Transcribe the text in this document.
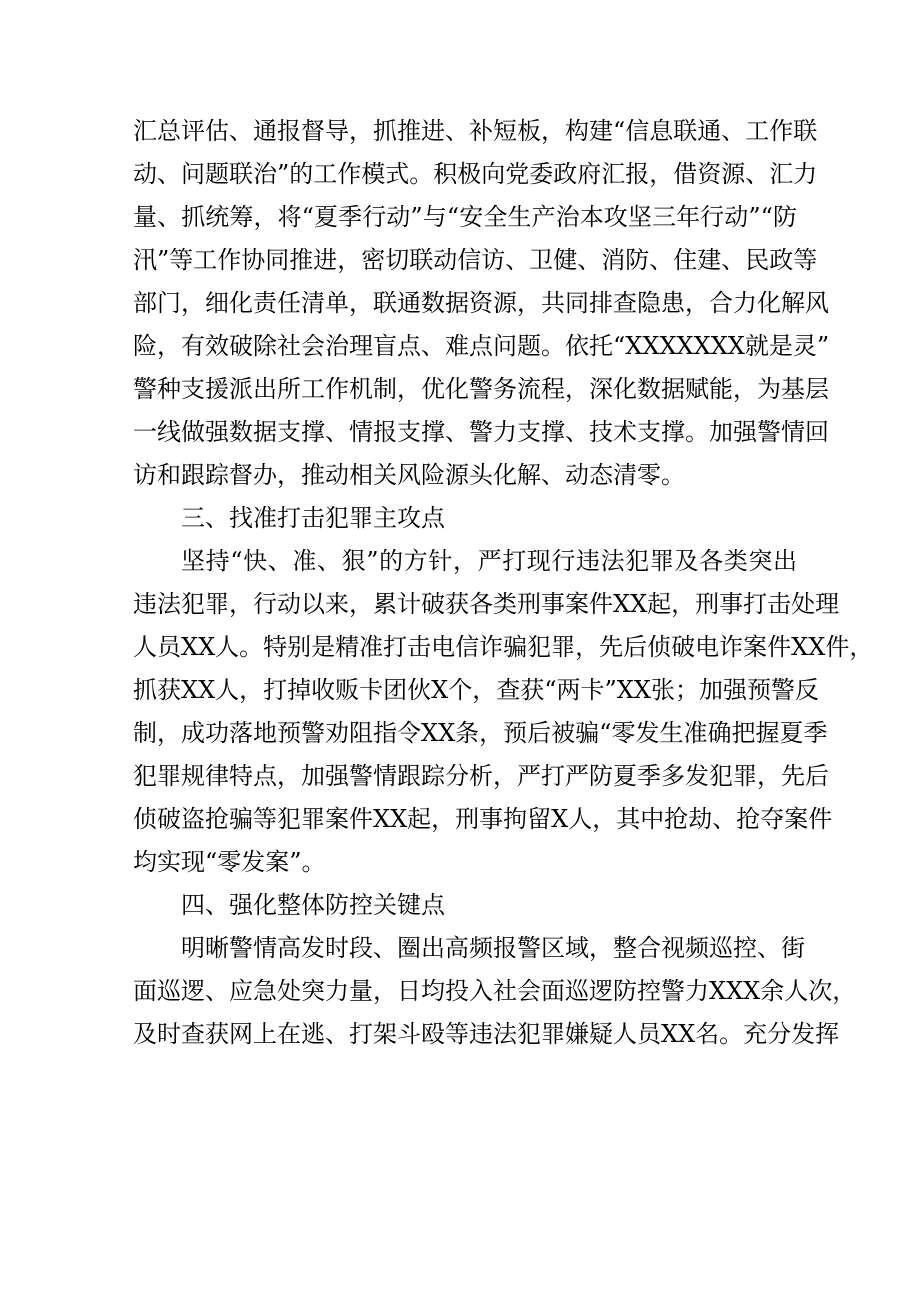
汇总评估、通报督导，抓推进、补短板，构建“信息联通、工作联
动、问题联治”的工作模式。积极向党委政府汇报，借资源、汇力
量、抓统筹，将“夏季行动”与“安全生产治本攻坚三年行动”“防
汛”等工作协同推进，密切联动信访、卫健、消防、住建、民政等
部门，细化责任清单，联通数据资源，共同排查隐患，合力化解风
险，有效破除社会治理盲点、难点问题。依托“XXXXXXX就是灵”
警种支援派出所工作机制，优化警务流程，深化数据赋能，为基层
一线做强数据支撑、情报支撑、警力支撑、技术支撑。加强警情回
访和跟踪督办，推动相关风险源头化解、动态清零。
三、找准打击犯罪主攻点
坚持“快、准、狠”的方针，严打现行违法犯罪及各类突出
违法犯罪，行动以来，累计破获各类刑事案件XX起，刑事打击处理
人员XX人。特别是精准打击电信诈骗犯罪，先后侦破电诈案件XX件，
抓获XX人，打掉收贩卡团伙X个，查获“两卡”XX张；加强预警反
制，成功落地预警劝阻指令XX条，预后被骗“零发生准确把握夏季
犯罪规律特点，加强警情跟踪分析，严打严防夏季多发犯罪，先后
侦破盗抢骗等犯罪案件XX起，刑事拘留X人，其中抢劫、抢夺案件
均实现“零发案”。
四、强化整体防控关键点
明晰警情高发时段、圈出高频报警区域，整合视频巡控、街
面巡逻、应急处突力量，日均投入社会面巡逻防控警力XXX余人次，
及时查获网上在逃、打架斗殴等违法犯罪嫌疑人员XX名。充分发挥
